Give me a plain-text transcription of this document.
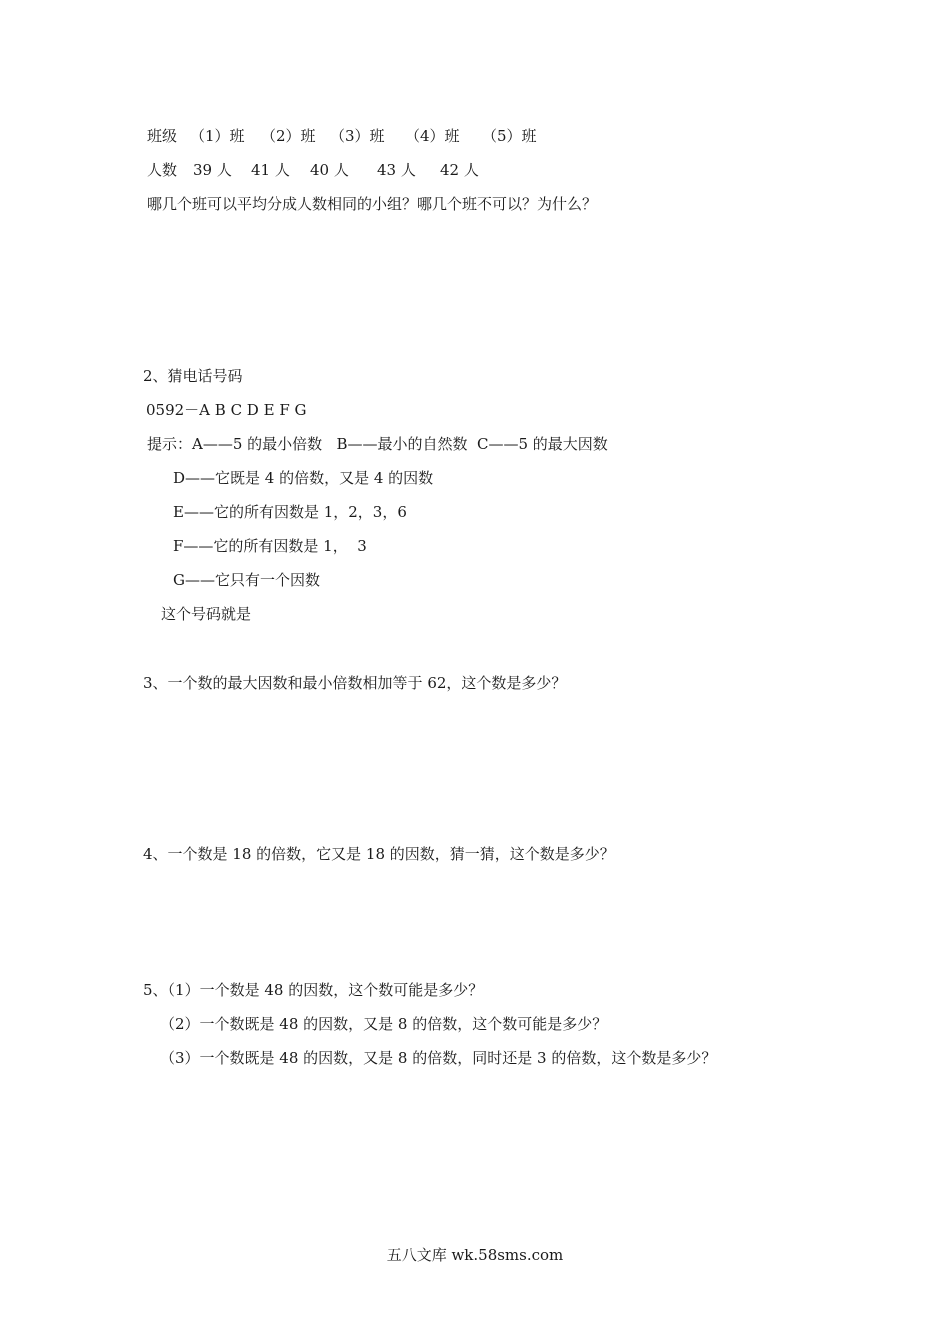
班级 （1）班 （2）班 （3）班 （4）班 （5）班
人数 39 人 41 人 40 人 43 人 42 人
哪几个班可以平均分成人数相同的小组？哪几个班不可以？为什么？
2、猜电话号码
0592－A B C D E F G
提示：A——5 的最小倍数   B——最小的自然数  C——5 的最大因数
D——它既是 4 的倍数，又是 4 的因数
E——它的所有因数是 1，2，3，6
F——它的所有因数是 1，  3
G——它只有一个因数
这个号码就是
3、一个数的最大因数和最小倍数相加等于 62，这个数是多少？
4、一个数是 18 的倍数，它又是 18 的因数，猜一猜，这个数是多少？
5、（1）一个数是 48 的因数，这个数可能是多少？
（2）一个数既是 48 的因数，又是 8 的倍数，这个数可能是多少？
（3）一个数既是 48 的因数，又是 8 的倍数，同时还是 3 的倍数，这个数是多少？
五八文库 wk.58sms.com
